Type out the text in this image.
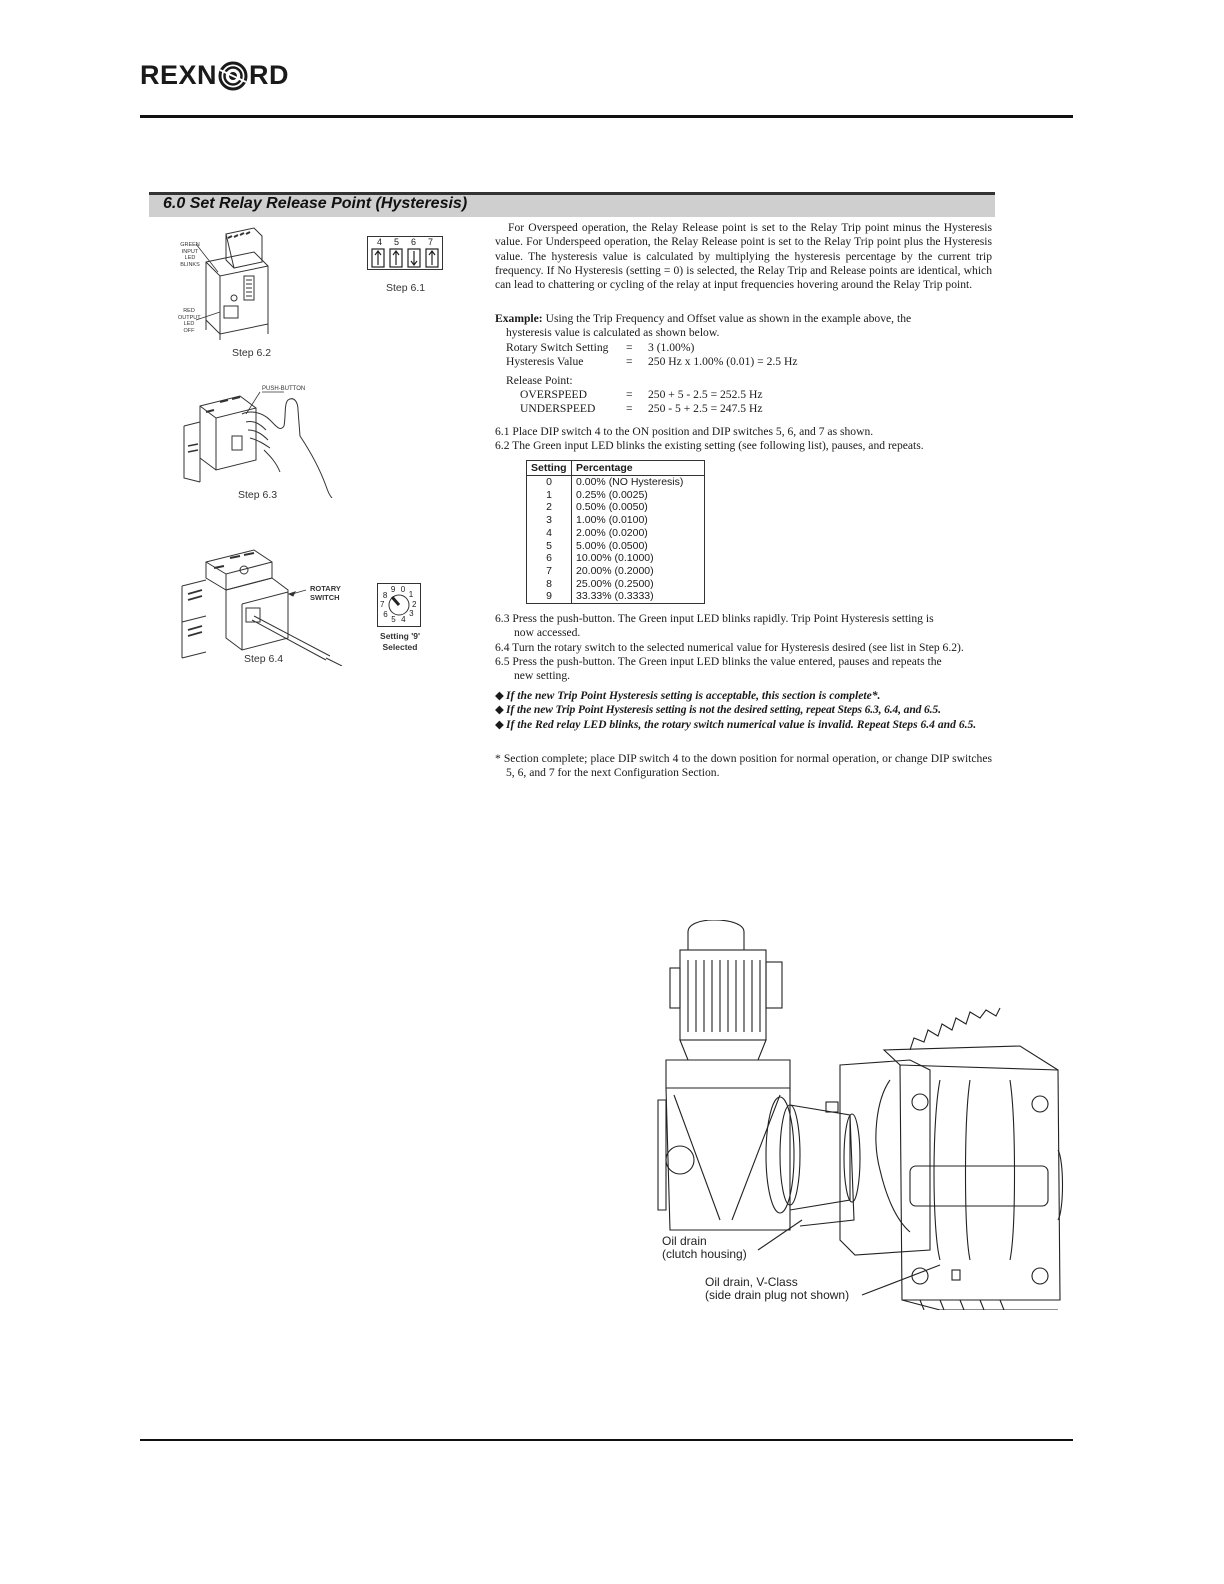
REXN RD
6.0 Set Relay Release Point (Hysteresis)
GREEN
INPUT
LED
BLINKS
RED
OUTPUT
LED
OFF
Step 6.2
4 5 6 7
Step 6.1
PUSH-BUTTON
Step 6.3
ROTARY
SWITCH
Step 6.4
0
1
2
3
4
5
6
7
8
9
Setting '9'
Selected
For Overspeed operation, the Relay Release point is set to the Relay Trip point minus the Hysteresis value. For Underspeed operation, the Relay Release point is set to the Relay Trip point plus the Hysteresis value. The hysteresis value is calculated by multiplying the hysteresis percentage by the current trip frequency. If No Hysteresis (setting = 0) is selected, the Relay Trip and Release points are identical, which can lead to chattering or cycling of the relay at input frequencies hovering around the Relay Trip point.
Example: Using the Trip Frequency and Offset value as shown in the example above, the
hysteresis value is calculated as shown below.
Rotary Switch Setting	=	3 (1.00%)
Hysteresis Value	=	250 Hz x 1.00% (0.01) = 2.5 Hz
Release Point:
OVERSPEED	=	250 + 5 - 2.5 = 252.5 Hz
UNDERSPEED	=	250 - 5 + 2.5 = 247.5 Hz
6.1 Place DIP switch 4 to the ON position and DIP switches 5, 6, and 7 as shown.
6.2 The Green input LED blinks the existing setting (see following list), pauses, and repeats.
Setting	Percentage
0	0.00% (NO Hysteresis)
1	0.25% (0.0025)
2	0.50% (0.0050)
3	1.00% (0.0100)
4	2.00% (0.0200)
5	5.00% (0.0500)
6	10.00% (0.1000)
7	20.00% (0.2000)
8	25.00% (0.2500)
9	33.33% (0.3333)
6.3 Press the push-button. The Green input LED blinks rapidly. Trip Point Hysteresis setting is
now accessed.
6.4 Turn the rotary switch to the selected numerical value for Hysteresis desired (see list in Step 6.2).
6.5 Press the push-button. The Green input LED blinks the value entered, pauses and repeats the
new setting.
◆ If the new Trip Point Hysteresis setting is acceptable, this section is complete*.
◆ If the new Trip Point Hysteresis setting is not the desired setting, repeat Steps 6.3, 6.4, and 6.5.
◆ If the Red relay LED blinks, the rotary switch numerical value is invalid. Repeat Steps 6.4 and 6.5.
* Section complete; place DIP switch 4 to the down position for normal operation, or change DIP switches 5, 6, and 7 for the next Configuration Section.
Oil drain
(clutch housing)
Oil drain, V-Class
(side drain plug not shown)
